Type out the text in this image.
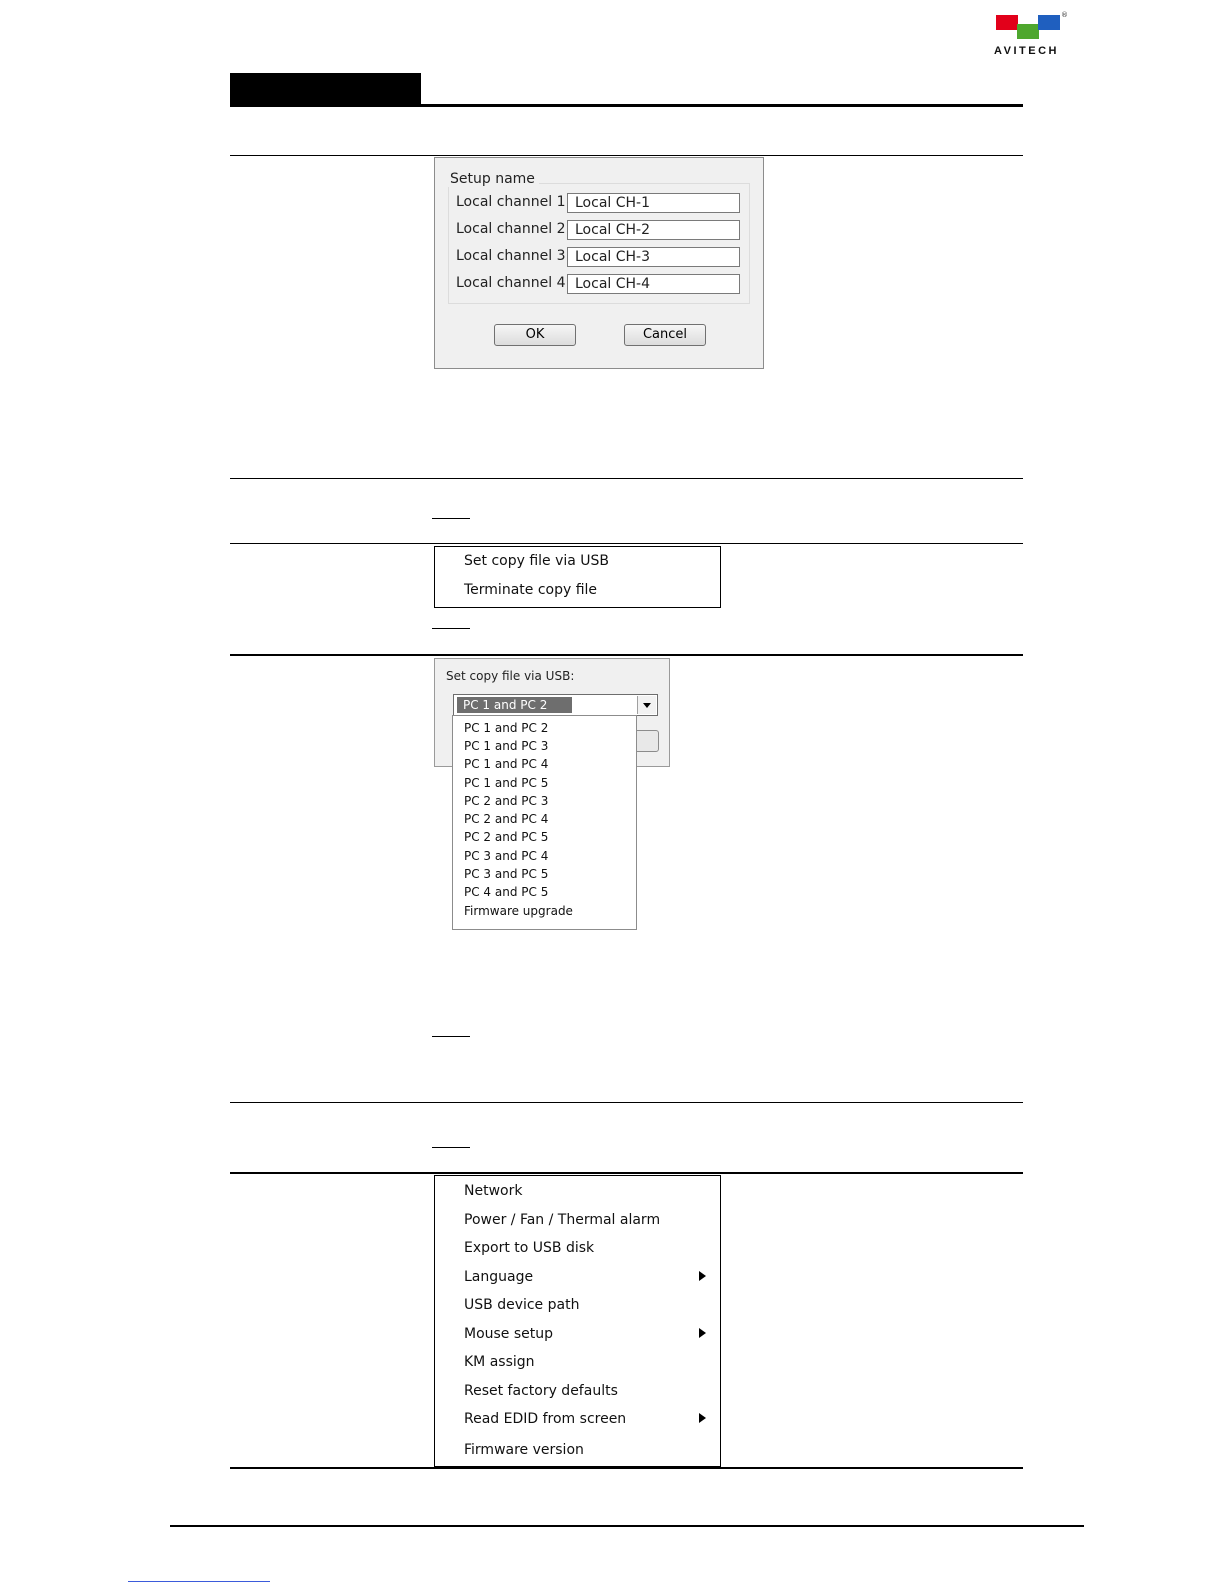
®
AVITECH
Setup name
Local channel 1
Local CH-1
Local channel 2
Local CH-2
Local channel 3
Local CH-3
Local channel 4
Local CH-4
OK	Cancel
Set copy file via USB
Terminate copy file
Set copy file via USB:
PC 1 and PC 2
PC 1 and PC 2
PC 1 and PC 3
PC 1 and PC 4
PC 1 and PC 5
PC 2 and PC 3
PC 2 and PC 4
PC 2 and PC 5
PC 3 and PC 4
PC 3 and PC 5
PC 4 and PC 5
Firmware upgrade
Network
Power / Fan / Thermal alarm
Export to USB disk
Language
USB device path
Mouse setup
KM assign
Reset factory defaults
Read EDID from screen
Firmware version
